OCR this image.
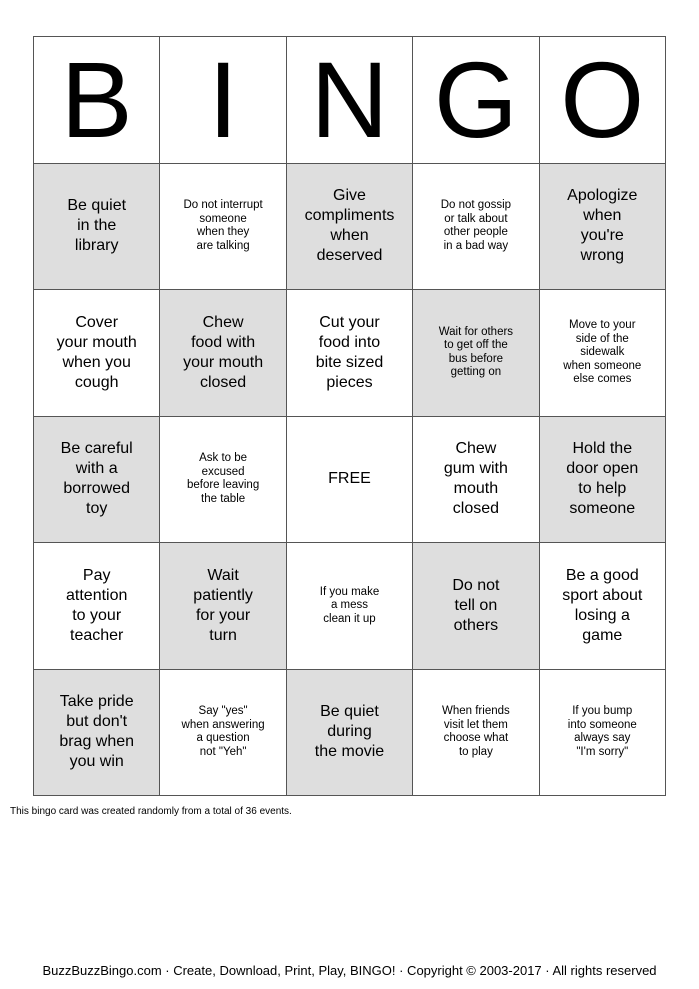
B I N G O
Be quiet
in the
library
Do not interrupt
someone
when they
are talking
Give
compliments
when
deserved
Do not gossip
or talk about
other people
in a bad way
Apologize
when
you're
wrong
Cover
your mouth
when you
cough
Chew
food with
your mouth
closed
Cut your
food into
bite sized
pieces
Wait for others
to get off the
bus before
getting on
Move to your
side of the
sidewalk
when someone
else comes
Be careful
with a
borrowed
toy
Ask to be
excused
before leaving
the table
FREE
Chew
gum with
mouth
closed
Hold the
door open
to help
someone
Pay
attention
to your
teacher
Wait
patiently
for your
turn
If you make
a mess
clean it up
Do not
tell on
others
Be a good
sport about
losing a
game
Take pride
but don't
brag when
you win
Say "yes"
when answering
a question
not "Yeh"
Be quiet
during
the movie
When friends
visit let them
choose what
to play
If you bump
into someone
always say
"I'm sorry"
This bingo card was created randomly from a total of 36 events.
BuzzBuzzBingo.com · Create, Download, Print, Play, BINGO! · Copyright © 2003-2017 · All rights reserved
